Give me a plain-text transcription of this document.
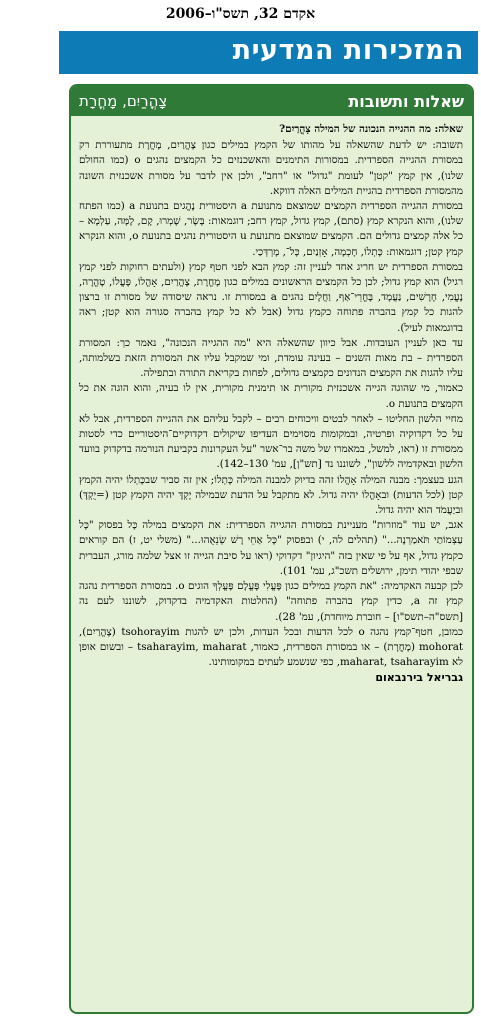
אקדם 32, תשס"ו–2006
המזכירות המדעית
שאלות ותשובות
צָהֳרַיִם, מָחֳרָת

שאלה: מה ההגייה הנכונה של המילה צָהֳרַיִם?

תשובה: יש לדעת שהשאלה על מהותו של הקמץ במילים כגון צָהֳרַיִם, מָחֳרָת מתעוררת רק במסורת ההגייה הספרדית. במסורות התימנים והאשכנזים כל הקמצים נהגים o (כמו החולם שלנו), אין קמץ "קטן" לעומת "גדול" או "רחב", ולכן אין לדבר על מסורת אשכנזית השונה מהמסורת הספרדית בהגיית המילים האלה דווקא.

במסורת ההגייה הספרדית הקמצים שמוצאם מתנועת a היסטורית נֶהֱגים בתנועת a (כמו הפתח שלנו), והוא הנקרא קמץ (סתם), קמץ גדול, קמץ רחב; דוגמאות: בָּשָׂר, שָׁמְרוּ, קָם, לָמָּה, עַלְמָא – כל אלה קמצים גדולים הם. הקמצים שמוצאם מתנועת u היסטורית נהגים בתנועת o, והוא הנקרא קמץ קטן; דוגמאות: כָּתְלוֹ, חָכְמָה, אָזְנַיִם, כָּל־, מָרְדְּכַי.

במסורת הספרדית יש חריג אחד לעניין זה: קמץ הבא לפני חטף קמץ (ולעתים רחוקות לפני קמץ רגיל) הוא קמץ גדול; לכן כל הקמצים הראשונים במילים כגון מָחֳרָת, צָהֳרַיִם, אָהֳלוֹ, פָּעֳלוֹ, טָהֳרָה, נָעֳמִי, חָרָשִׁים, נַעֲמָד, בָּחֳרֵי־אַף, וַחֲלָיִם נהגים a במסורת זו. נראה שיסודה של מסורת זו ברצון להגות כל קמץ בהברה פתוחה כקמץ גדול (אבל לא כל קמץ בהברה סגורה הוא קטן; ראה בדוגמאות לעיל).

עד כאן לעניין העובדות. אבל כיוון שהשאלה היא "מה ההגייה הנכונה", נאמר כך: המסורת הספרדית – בת מאות השנים – בעינה עומדת, ומי שמקבל עליו את המסורת הזאת בשלמותה, עליו להגות את הקמצים הנדונים כקמצים גדולים, לפחות בקריאת התורה ובתפילה.

כאמור, מי שהוגה הגייה אשכנזית מקורית או תימנית מקורית, אין לו בעיה, והוא הוגה את כל הקמצים בתנועת o.

מחיי הלשון החליטו – לאחר לבטים וויכוחים רבים – לקבל עליהם את ההגייה הספרדית, אבל לא על כל דקדוקיה ופרטיה, ובמקומות מסוימים העדיפו שיקולים דקדוקיים־היסטוריים כדי לסטות ממסורת זו (ראו, למשל, במאמרו של משה בר־אשר "על העקרונות בקביעת הנורמה בדקדוק בוועד הלשון ובאקדמיה ללשון", לשוננו נד [תש"ן], עמ' 130–142).

הגע בעצמך: מבנה המילה אָהֳלוֹ זהה בדיוק למבנה המילה כָּתְלוֹ; אין זה סביר שבכָּתְלוֹ יהיה הקמץ קטן (לכל הדעות) ובאָהֳלוֹ יהיה גדול. לא מתקבל על הדעת שבמילה יָקְדָּ יהיה הקמץ קטן (=יֻקְדָּ) וביַעֲמֹד הוא יהיה גדול.

אגב, יש עוד "מוזרות" מעניינת במסורת ההגייה הספרדית: את הקמצים במילה כָּל בפסוק "כָּל עַצְמוֹתַי תֹּאמַרְנָה..." (תהלים לה, י) ובפסוק "כָּל אַחֵי רָשׁ שְׂנֵאֻהוּ..." (משלי יט, ז) הם קוראים כקמץ גדול, אף על פי שאין בזה "היגיון" דקדוקי (ראו על סיבת הגייה זו אצל שלמה מורג, העברית שבפי יהודי תימן, ירושלים תשכ"ג, עמ' 101).

לכן קבעה האקדמיה: "את הקמץ במילים כגון פָּעֳלִי פָּעֳלָם פָּעֳלְךָ הוגים o. במסורת הספרדית נהגה קמץ זה a, כדין קמץ בהברה פתוחה" (החלטות האקדמיה בדקדוק, לשוננו לעם נה [תשס"ה–תשס"ו] – חוברת מיוחדת), עמ' 28).

כמובן, חטף־קמץ נהגה o לכל הדעות ובכל העדות, ולכן יש להגות tsohorayim (צָהֳרַיִם), mohorat (מָחֳרָת) – או במסורת הספרדית, כאמור, tsaharayim, maharat – ובשום אופן לא maharat, tsaharayim, כפי שנשמע לעתים במקומותינו.

גבריאל בירנבאום
